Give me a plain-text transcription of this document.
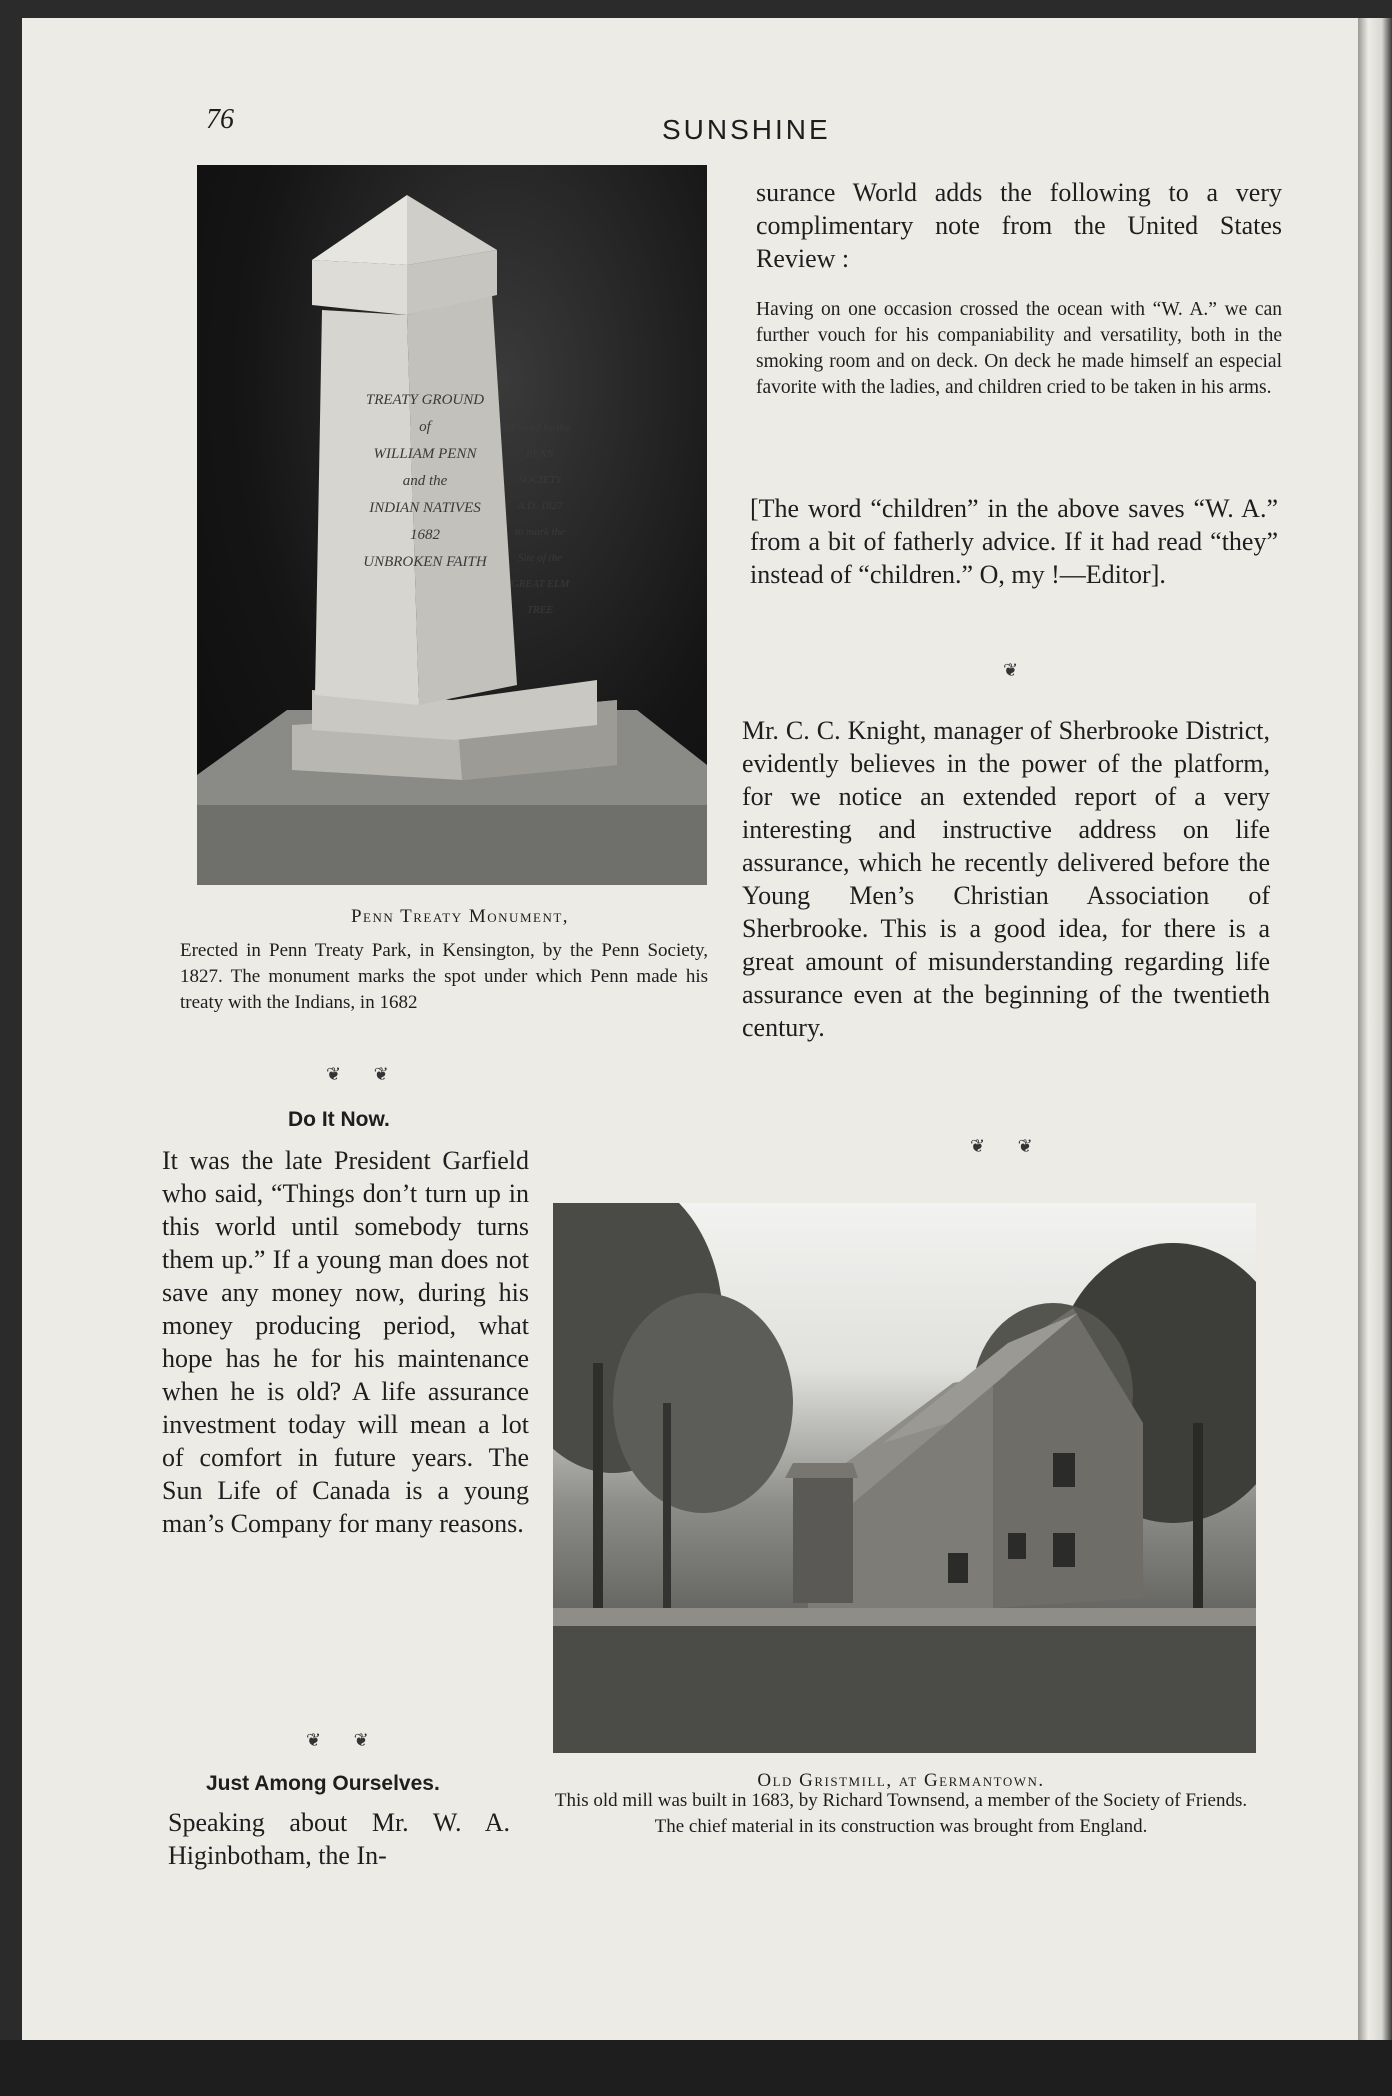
76	SUNSHINE
TREATY GROUND
of
WILLIAM PENN
and the
INDIAN NATIVES
1682
UNBROKEN FAITH
Placed by the
PENN SOCIETY
A.D. 1827
to mark the
Site of the
GREAT ELM TREE
Penn Treaty Monument,
Erected in Penn Treaty Park, in Kensington, by the Penn Society, 1827. The monument marks the spot under which Penn made his treaty with the Indians, in 1682
❦ ❦
Do It Now.
It was the late President Garfield who said, “Things don’t turn up in this world until somebody turns them up.” If a young man does not save any money now, during his money producing period, what hope has he for his maintenance when he is old? A life assurance investment today will mean a lot of comfort in future years. The Sun Life of Canada is a young man’s Company for many reasons.
❦ ❦
Just Among Ourselves.
Speaking about Mr. W. A. Higinbotham, the In-
surance World adds the following to a very complimentary note from the United States Review :
Having on one occasion crossed the ocean with “W. A.” we can further vouch for his companiability and versatility, both in the smoking room and on deck. On deck he made himself an especial favorite with the ladies, and children cried to be taken in his arms.
[The word “children” in the above saves “W. A.” from a bit of fatherly advice. If it had read “they” instead of “children.” O, my !—Editor].
❦
Mr. C. C. Knight, manager of Sherbrooke District, evidently believes in the power of the platform, for we notice an extended report of a very interesting and instructive address on life assurance, which he recently delivered before the Young Men’s Christian Association of Sherbrooke. This is a good idea, for there is a great amount of misunderstanding regarding life assurance even at the beginning of the twentieth century.
❦ ❦
Old Gristmill, at Germantown.
This old mill was built in 1683, by Richard Townsend, a member of the Society of Friends. The chief material in its construction was brought from England.
